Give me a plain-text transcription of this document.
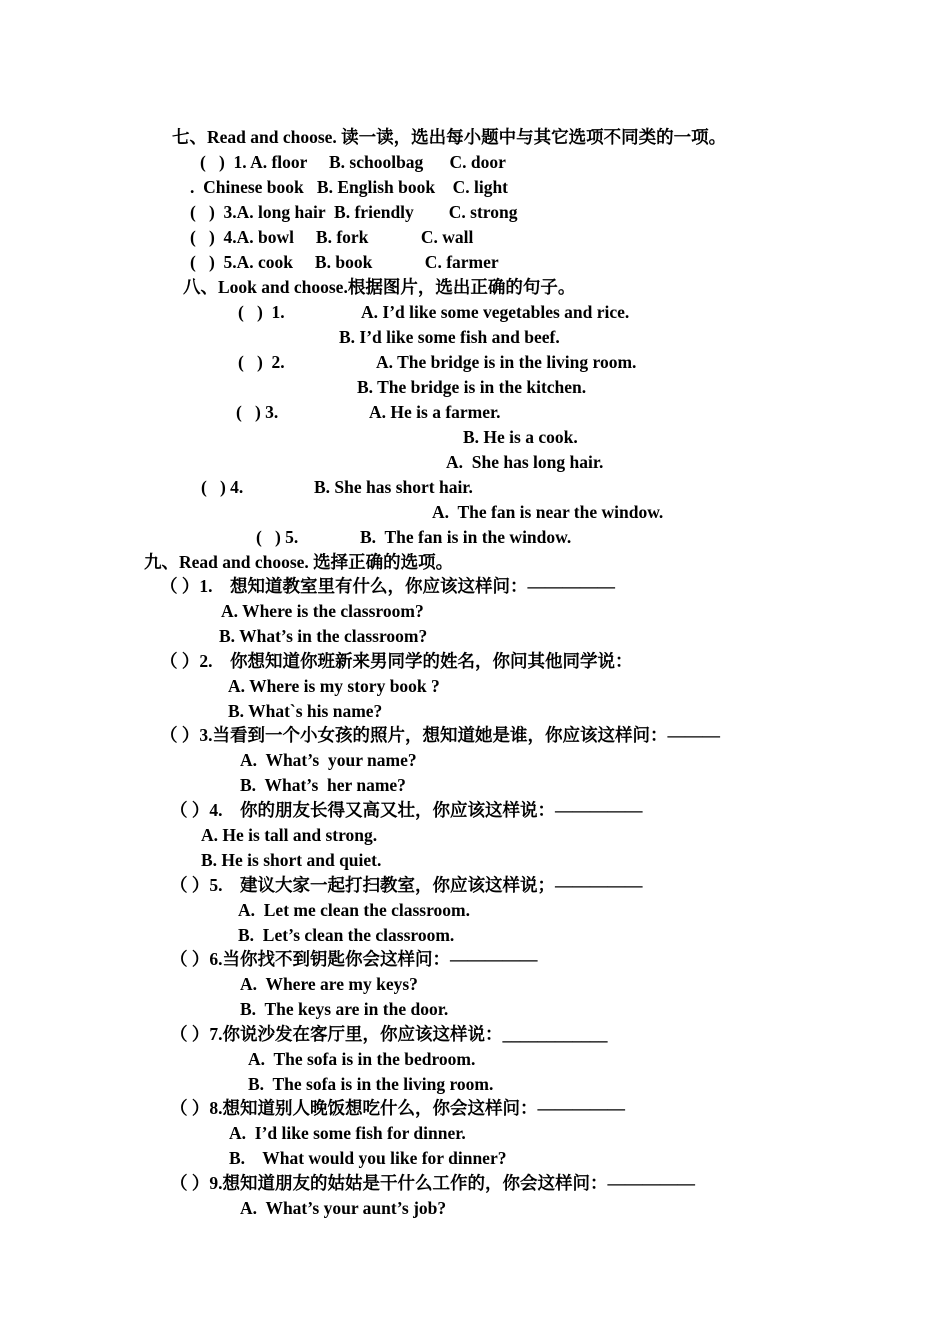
七、Read and choose. 读一读，选出每小题中与其它选项不同类的一项。
(   )  1. A. floor     B. schoolbag      C. door
.  Chinese book   B. English book    C. light
(   )  3.A. long hair  B. friendly        C. strong
(   )  4.A. bowl     B. fork            C. wall
(   )  5.A. cook     B. book            C. farmer
八、Look and choose.根据图片，选出正确的句子。
(   )  1.	A. I’d like some vegetables and rice.
B. I’d like some fish and beef.
(   )  2.	A. The bridge is in the living room.
B. The bridge is in the kitchen.
(   ) 3.	A. He is a farmer.
B. He is a cook.
A.  She has long hair.
(   ) 4.	B. She has short hair.
A.  The fan is near the window.
(   ) 5.	B.  The fan is in the window.
九、Read and choose. 选择正确的选项。
（ ）1.    想知道教室里有什么，你应该这样问：—————
A. Where is the classroom?
B. What’s in the classroom?
（ ）2.    你想知道你班新来男同学的姓名，你问其他同学说：
A. Where is my story book ?
B. What`s his name?
（ ）3.当看到一个小女孩的照片，想知道她是谁，你应该这样问：———
A.  What’s  your name?
B.  What’s  her name?
（ ）4.    你的朋友长得又高又壮，你应该这样说：—————
A. He is tall and strong.
B. He is short and quiet.
（ ）5.    建议大家一起打扫教室，你应该这样说；—————
A.  Let me clean the classroom.
B.  Let’s clean the classroom.
（ ）6.当你找不到钥匙你会这样问：—————
A.  Where are my keys?
B.  The keys are in the door.
（ ）7.你说沙发在客厅里，你应该这样说：____________
A.  The sofa is in the bedroom.
B.  The sofa is in the living room.
（ ）8.想知道别人晚饭想吃什么，你会这样问：—————
A.  I’d like some fish for dinner.
B.    What would you like for dinner?
（ ）9.想知道朋友的姑姑是干什么工作的，你会这样问：—————
A.  What’s your aunt’s job?
